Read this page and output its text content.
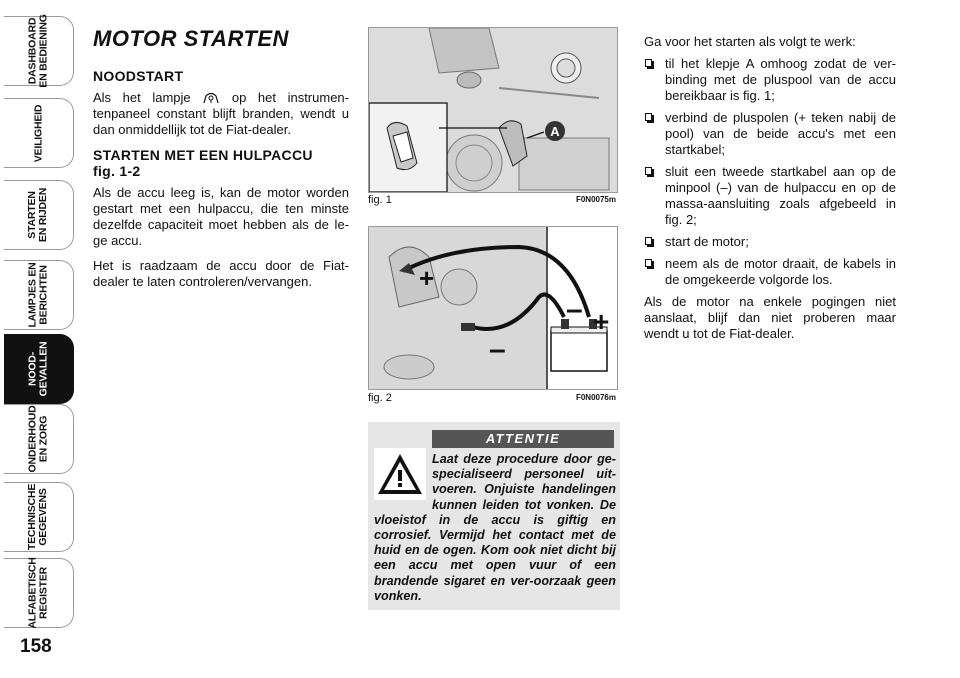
DASHBOARD
EN BEDIENING
VEILIGHEID
STARTEN
EN RIJDEN
LAMPJES EN
BERICHTEN
NOOD-
GEVALLEN
ONDERHOUD
EN ZORG
TECHNISCHE
GEGEVENS
ALFABETISCH
REGISTER
158
MOTOR STARTEN
NOODSTART

Als het lampje	op het instrumen-tenpaneel constant blijft branden, wendt u dan onmiddellijk tot de Fiat-dealer.

STARTEN MET EEN HULPACCU
fig. 1-2

Als de accu leeg is, kan de motor worden gestart met een hulpaccu, die ten minste dezelfde capaciteit moet hebben als de le-ge accu.

Het is raadzaam de accu door de Fiat-dealer te laten controleren/vervangen.

A
fig. 1	F0N0075m
+
–
– +
fig. 2	F0N0076m
ATTENTIE
Laat deze procedure door ge-specialiseerd personeel uit-voeren. Onjuiste handelingen kunnen leiden tot vonken. De vloeistof in de accu is giftig en corrosief. Vermijd het contact met de huid en de ogen. Kom ook niet dicht bij een accu met open vuur of een brandende sigaret en ver-oorzaak geen vonken.
Ga voor het starten als volgt te werk:
til het klepje A omhoog zodat de ver-binding met de pluspool van de accu bereikbaar is fig. 1;
verbind de pluspolen (+ teken nabij de pool) van de beide accu's met een startkabel;
sluit een tweede startkabel aan op de minpool (–) van de hulpaccu en op de massa-aansluiting zoals afgebeeld in fig. 2;
start de motor;
neem als de motor draait, de kabels in de omgekeerde volgorde los.

Als de motor na enkele pogingen niet aanslaat, blijf dan niet proberen maar wendt u tot de Fiat-dealer.
